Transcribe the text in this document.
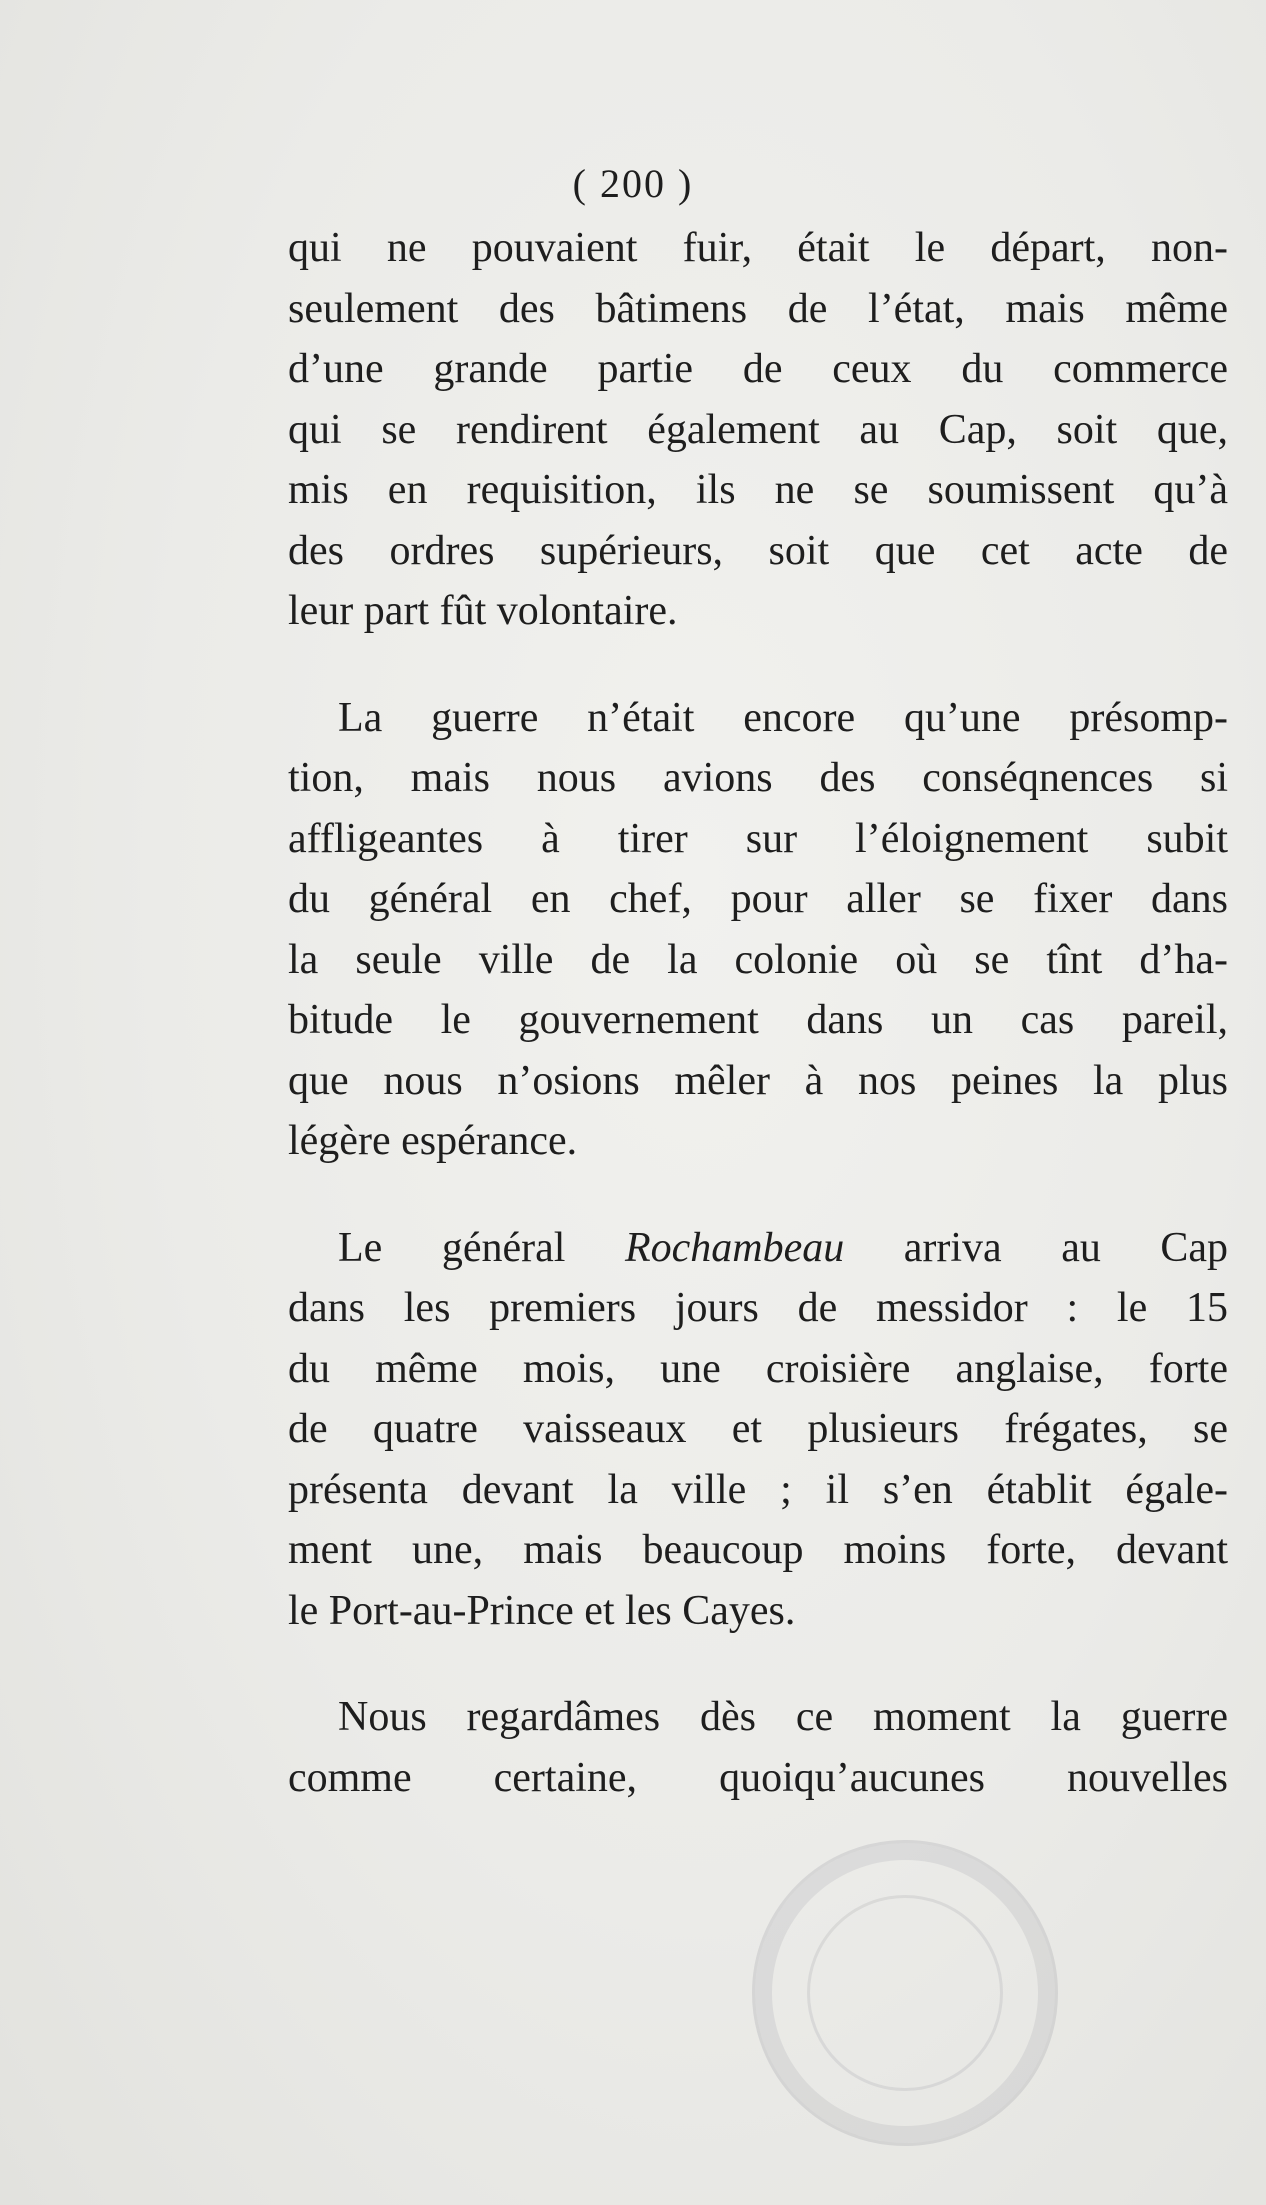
( 200 )

qui ne pouvaient fuir, était le départ, non-
seulement des bâtimens de l’état, mais même
d’une grande partie de ceux du commerce
qui se rendirent également au Cap, soit que,
mis en requisition, ils ne se soumissent qu’à
des ordres supérieurs, soit que cet acte de
leur part fût volontaire.

La guerre n’était encore qu’une présomp-
tion, mais nous avions des conséqnences si
affligeantes à tirer sur l’éloignement subit
du général en chef, pour aller se fixer dans
la seule ville de la colonie où se tînt d’ha-
bitude le gouvernement dans un cas pareil,
que nous n’osions mêler à nos peines la plus
légère espérance.

Le général Rochambeau arriva au Cap
dans les premiers jours de messidor : le 15
du même mois, une croisière anglaise, forte
de quatre vaisseaux et plusieurs frégates, se
présenta devant la ville ; il s’en établit égale-
ment une, mais beaucoup moins forte, devant
le Port-au-Prince et les Cayes.

Nous regardâmes dès ce moment la guerre
comme certaine, quoiqu’aucunes nouvelles
